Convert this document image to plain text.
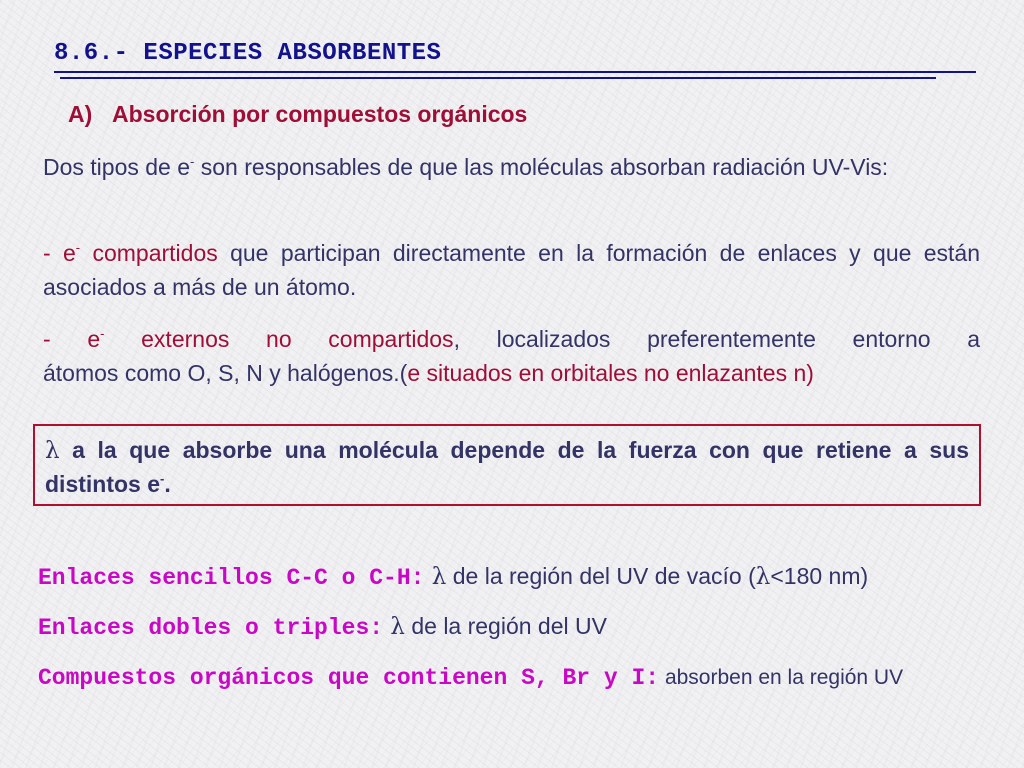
8.6.- ESPECIES ABSORBENTES
A) Absorción por compuestos orgánicos
Dos tipos de e- son responsables de que las moléculas absorban radiación UV-Vis:
- e- compartidos que participan directamente en la formación de enlaces y que están asociados a más de un átomo.
- e- externos no compartidos, localizados preferentemente entorno a
átomos como O, S, N y halógenos.(e situados en orbitales no enlazantes n)
λ a la que absorbe una molécula depende de la fuerza con que retiene a sus distintos e-.
Enlaces sencillos C-C o C-H: λ de la región del UV de vacío (λ<180 nm)
Enlaces dobles o triples: λ de la región del UV
Compuestos orgánicos que contienen S, Br y I: absorben en la región UV
